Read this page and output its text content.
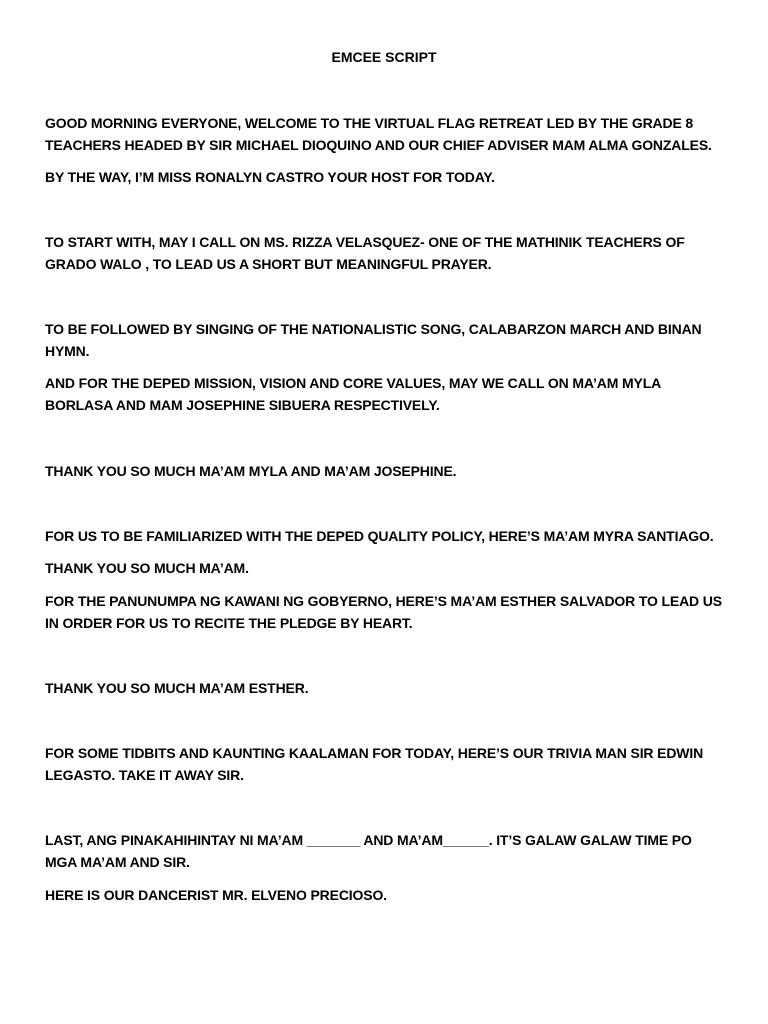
EMCEE SCRIPT
GOOD MORNING EVERYONE, WELCOME TO THE VIRTUAL FLAG RETREAT LED BY THE GRADE 8
TEACHERS HEADED BY SIR MICHAEL DIOQUINO AND OUR CHIEF ADVISER MAM ALMA GONZALES.
BY THE WAY, I’M MISS RONALYN CASTRO YOUR HOST FOR TODAY.
TO START WITH, MAY I CALL ON MS. RIZZA VELASQUEZ- ONE OF THE MATHINIK TEACHERS OF
GRADO WALO , TO LEAD US A SHORT BUT MEANINGFUL PRAYER.
TO BE FOLLOWED BY SINGING OF THE NATIONALISTIC SONG, CALABARZON MARCH AND BINAN
HYMN.
AND FOR THE DEPED MISSION, VISION AND CORE VALUES, MAY WE CALL ON MA’AM MYLA
BORLASA AND MAM JOSEPHINE SIBUERA RESPECTIVELY.
THANK YOU SO MUCH MA’AM MYLA AND MA’AM JOSEPHINE.
FOR US TO BE FAMILIARIZED WITH THE DEPED QUALITY POLICY, HERE’S MA’AM MYRA SANTIAGO.
THANK YOU SO MUCH MA’AM.
FOR THE PANUNUMPA NG KAWANI NG GOBYERNO, HERE’S MA’AM ESTHER SALVADOR TO LEAD US
IN ORDER FOR US TO RECITE THE PLEDGE BY HEART.
THANK YOU SO MUCH MA’AM ESTHER.
FOR SOME TIDBITS AND KAUNTING KAALAMAN FOR TODAY, HERE’S OUR TRIVIA MAN SIR EDWIN
LEGASTO. TAKE IT AWAY SIR.
LAST, ANG PINAKAHIHINTAY NI MA’AM _______ AND MA’AM______. IT’S GALAW GALAW TIME PO
MGA MA’AM AND SIR.
HERE IS OUR DANCERIST MR. ELVENO PRECIOSO.
